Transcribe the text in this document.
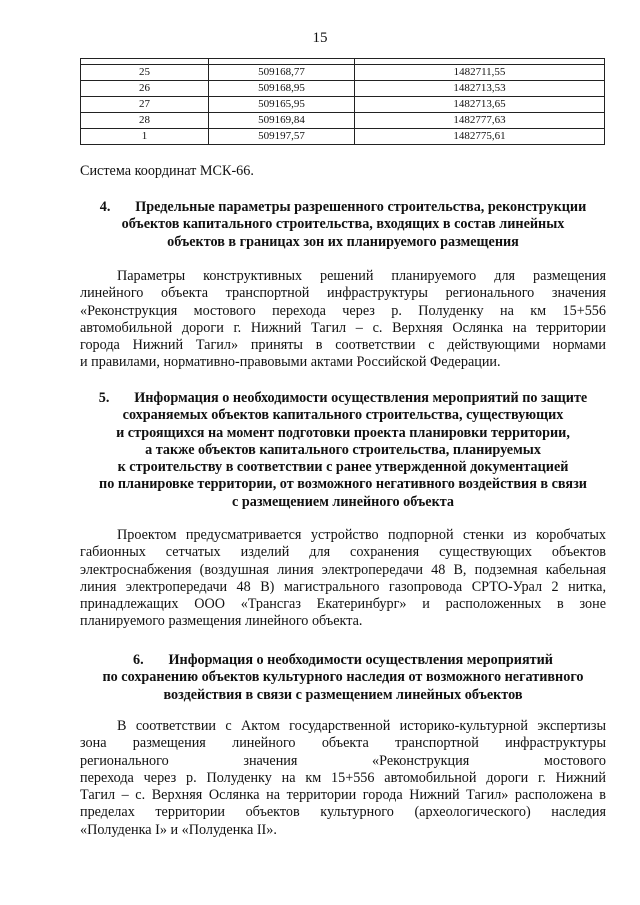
15

25	509168,77	1482711,55
26	509168,95	1482713,53
27	509165,95	1482713,65
28	509169,84	1482777,63
1	509197,57	1482775,61

Система координат МСК-66.

4. Предельные параметры разрешенного строительства, реконструкции
объектов капитального строительства, входящих в состав линейных
объектов в границах зон их планируемого размещения
Параметры конструктивных решений планируемого для размещения
линейного объекта транспортной инфраструктуры регионального значения
«Реконструкция мостового перехода через р. Полуденку на км 15+556
автомобильной дороги г. Нижний Тагил – с. Верхняя Ослянка на территории
города Нижний Тагил» приняты в соответствии с действующими нормами
и правилами, нормативно-правовыми актами Российской Федерации.
5. Информация о необходимости осуществления мероприятий по защите
сохраняемых объектов капитального строительства, существующих
и строящихся на момент подготовки проекта планировки территории,
а также объектов капитального строительства, планируемых
к строительству в соответствии с ранее утвержденной документацией
по планировке территории, от возможного негативного воздействия в связи
с размещением линейного объекта
Проектом предусматривается устройство подпорной стенки из коробчатых
габионных сетчатых изделий для сохранения существующих объектов
электроснабжения (воздушная линия электропередачи 48 В, подземная кабельная
линия электропередачи 48 В) магистрального газопровода СРТО-Урал 2 нитка,
принадлежащих ООО «Трансгаз Екатеринбург» и расположенных в зоне
планируемого размещения линейного объекта.
6. Информация о необходимости осуществления мероприятий
по сохранению объектов культурного наследия от возможного негативного
воздействия в связи с размещением линейных объектов
В соответствии с Актом государственной историко-культурной экспертизы
зона размещения линейного объекта транспортной инфраструктуры
регионального значения «Реконструкция мостового
перехода через р. Полуденку на км 15+556 автомобильной дороги г. Нижний
Тагил – с. Верхняя Ослянка на территории города Нижний Тагил» расположена в
пределах территории объектов культурного (археологического) наследия
«Полуденка I» и «Полуденка II».
